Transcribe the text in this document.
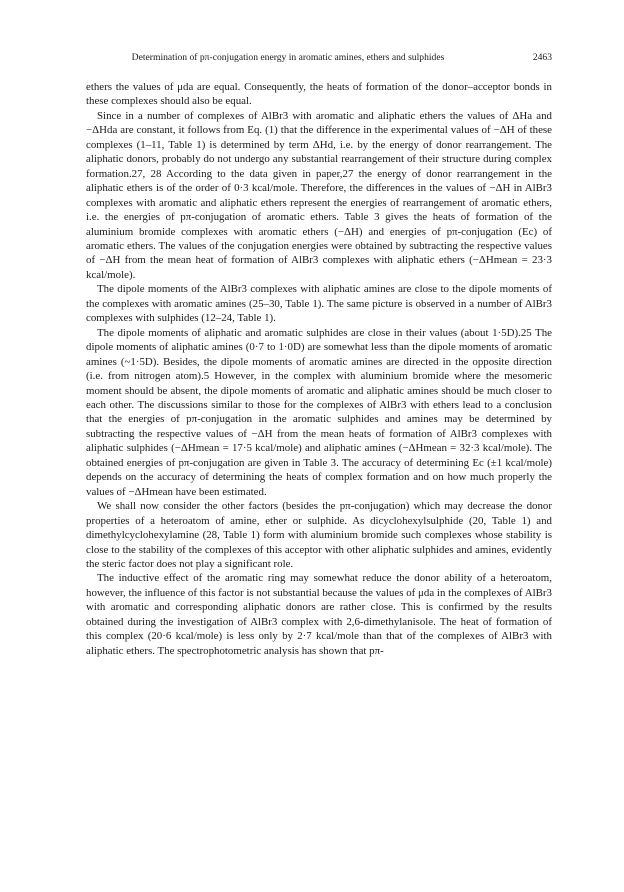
Determination of pπ-conjugation energy in aromatic amines, ethers and sulphides	2463

ethers the values of μda are equal. Consequently, the heats of formation of the donor–acceptor bonds in these complexes should also be equal.

Since in a number of complexes of AlBr3 with aromatic and aliphatic ethers the values of ΔHa and −ΔHda are constant, it follows from Eq. (1) that the difference in the experimental values of −ΔH of these complexes (1–11, Table 1) is determined by term ΔHd, i.e. by the energy of donor rearrangement. The aliphatic donors, probably do not undergo any substantial rearrangement of their structure during complex formation.27, 28 According to the data given in paper,27 the energy of donor rearrangement in the aliphatic ethers is of the order of 0·3 kcal/mole. Therefore, the differences in the values of −ΔH in AlBr3 complexes with aromatic and aliphatic ethers represent the energies of rearrangement of aromatic ethers, i.e. the energies of pπ-conjugation of aromatic ethers. Table 3 gives the heats of formation of the aluminium bromide complexes with aromatic ethers (−ΔH) and energies of pπ-conjugation (Ec) of aromatic ethers. The values of the conjugation energies were obtained by subtracting the respective values of −ΔH from the mean heat of formation of AlBr3 complexes with aliphatic ethers (−ΔHmean = 23·3 kcal/mole).

The dipole moments of the AlBr3 complexes with aliphatic amines are close to the dipole moments of the complexes with aromatic amines (25–30, Table 1). The same picture is observed in a number of AlBr3 complexes with sulphides (12–24, Table 1).

The dipole moments of aliphatic and aromatic sulphides are close in their values (about 1·5D).25 The dipole moments of aliphatic amines (0·7 to 1·0D) are somewhat less than the dipole moments of aromatic amines (~1·5D). Besides, the dipole moments of aromatic amines are directed in the opposite direction (i.e. from nitrogen atom).5 However, in the complex with aluminium bromide where the mesomeric moment should be absent, the dipole moments of aromatic and aliphatic amines should be much closer to each other. The discussions similar to those for the complexes of AlBr3 with ethers lead to a conclusion that the energies of pπ-conjugation in the aromatic sulphides and amines may be determined by subtracting the respective values of −ΔH from the mean heats of formation of AlBr3 complexes with aliphatic sulphides (−ΔHmean = 17·5 kcal/mole) and aliphatic amines (−ΔHmean = 32·3 kcal/mole). The obtained energies of pπ-conjugation are given in Table 3. The accuracy of determining Ec (±1 kcal/mole) depends on the accuracy of determining the heats of complex formation and on how much properly the values of −ΔHmean have been estimated.

We shall now consider the other factors (besides the pπ-conjugation) which may decrease the donor properties of a heteroatom of amine, ether or sulphide. As dicyclohexylsulphide (20, Table 1) and dimethylcyclohexylamine (28, Table 1) form with aluminium bromide such complexes whose stability is close to the stability of the complexes of this acceptor with other aliphatic sulphides and amines, evidently the steric factor does not play a significant role.

The inductive effect of the aromatic ring may somewhat reduce the donor ability of a heteroatom, however, the influence of this factor is not substantial because the values of μda in the complexes of AlBr3 with aromatic and corresponding aliphatic donors are rather close. This is confirmed by the results obtained during the investigation of AlBr3 complex with 2,6-dimethylanisole. The heat of formation of this complex (20·6 kcal/mole) is less only by 2·7 kcal/mole than that of the complexes of AlBr3 with aliphatic ethers. The spectrophotometric analysis has shown that pπ-
